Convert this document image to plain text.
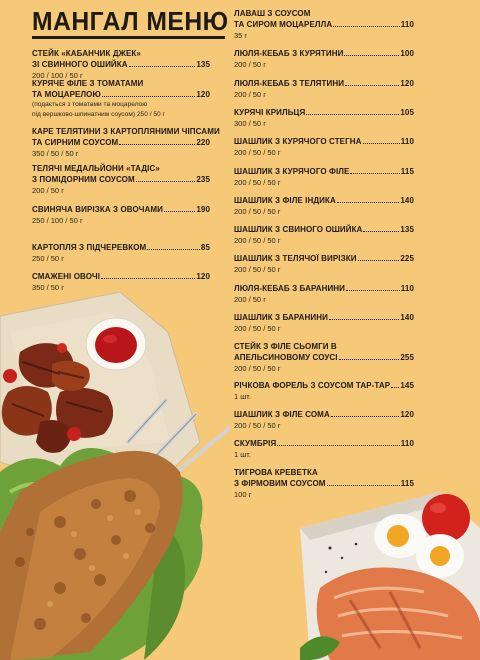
МАНГАЛ МЕНЮ
СТЕЙК «КАБАНЧИК ДЖЕК»
ЗІ СВИННОГО ОШИЙКА	135
200 / 100 / 50 г
КУРЯЧЕ ФІЛЕ З ТОМАТАМИ
ТА МОЦАРЕЛОЮ	120
(подається з томатами та моцарелою
під вершково-шпинатним соусом) 250 / 50 г
КАРЕ ТЕЛЯТИНИ З КАРТОПЛЯНИМИ ЧІПСАМИ
ТА СИРНИМ СОУСОМ	220
350 / 50 / 50 г
ТЕЛЯЧІ МЕДАЛЬЙОНИ «ТАДІС»
З ПОМІДОРНИМ СОУСОМ	235
200 / 50 г
СВИНЯЧА ВИРІЗКА З ОВОЧАМИ	190
250 / 100 / 50 г
КАРТОПЛЯ З ПІДЧЕРЕВКОМ	85
250 / 50 г
СМАЖЕНІ ОВОЧІ	120
350 / 50 г
ЛАВАШ З СОУСОМ
ТА СИРОМ МОЦАРЕЛЛА	110
35 г
ЛЮЛЯ-КЕБАБ З КУРЯТИНИ	100
200 / 50 г
ЛЮЛЯ-КЕБАБ З ТЕЛЯТИНИ	120
200 / 50 г
КУРЯЧІ КРИЛЬЦЯ	105
300 / 50 г
ШАШЛИК З КУРЯЧОГО СТЕГНА	110
200 / 50 / 50 г
ШАШЛИК З КУРЯЧОГО ФІЛЕ	115
200 / 50 / 50 г
ШАШЛИК З ФІЛЕ ІНДИКА	140
200 / 50 / 50 г
ШАШЛИК З СВИНОГО ОШИЙКА	135
200 / 50 / 50 г
ШАШЛИК З ТЕЛЯЧОЇ ВИРІЗКИ	225
200 / 50 / 50 г
ЛЮЛЯ-КЕБАБ З БАРАНИНИ	110
200 / 50 г
ШАШЛИК З БАРАНИНИ	140
200 / 50 / 50 г
СТЕЙК З ФІЛЕ СЬОМГИ В
АПЕЛЬСИНОВОМУ СОУСІ	255
200 / 50 / 50 г
РІЧКОВА ФОРЕЛЬ З СОУСОМ ТАР-ТАР 145
1 шт.
ШАШЛИК З ФІЛЕ СОМА	120
200 / 50 / 50 г
СКУМБРІЯ	110
1 шт.
ТИГРОВА КРЕВЕТКА
З ФІРМОВИМ СОУСОМ	115
100 г
